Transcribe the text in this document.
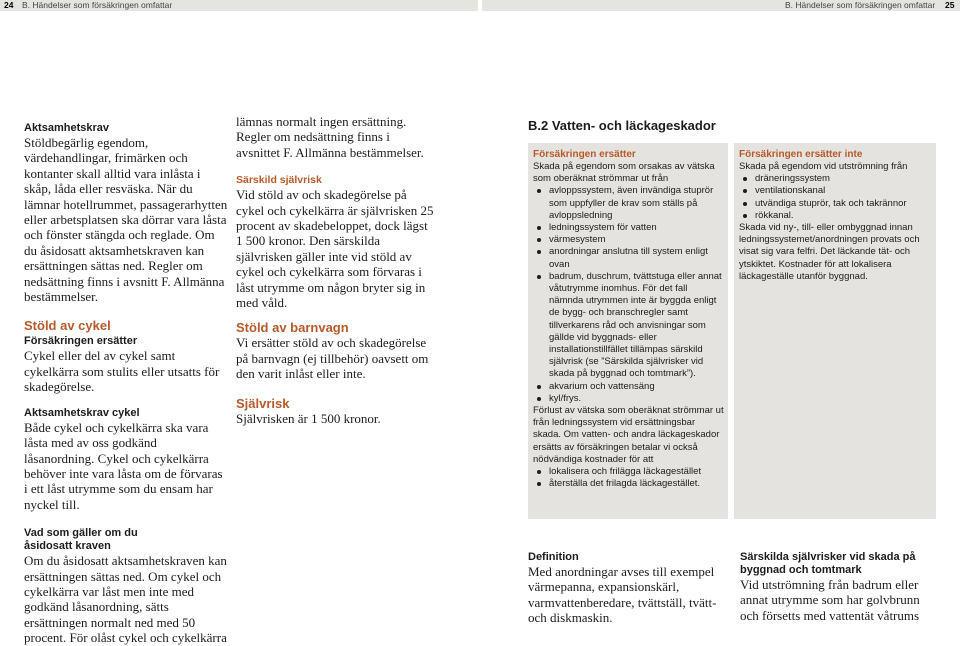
24 B. Händelser som försäkringen omfattar	B. Händelser som försäkringen omfattar 25

Aktsamhetskrav

Stöldbegärlig egendom, värdehandlingar, frimärken och kontanter skall alltid vara inlåsta i skåp, låda eller resväska. När du lämnar hotellrummet, passagerarhytten eller arbetsplatsen ska dörrar vara låsta och fönster stängda och reglade. Om du åsidosatt aktsamhetskraven kan ersättningen sättas ned. Regler om nedsättning finns i avsnitt F. Allmänna bestämmelser.

Stöld av cykel

Försäkringen ersätter

Cykel eller del av cykel samt cykelkärra som stulits eller utsatts för skadegörelse.

Aktsamhetskrav cykel

Både cykel och cykelkärra ska vara låsta med av oss godkänd låsanordning. Cykel och cykelkärra behöver inte vara låsta om de förvaras i ett låst utrymme som du ensam har nyckel till.

Vad som gäller om du åsidosatt kraven

Om du åsidosatt aktsamhetskraven kan ersättningen sättas ned. Om cykel och cykelkärra var låst men inte med godkänd låsanordning, sätts ersättningen normalt ned med 50 procent. För olåst cykel och cykelkärra

lämnas normalt ingen ersättning. Regler om nedsättning finns i avsnittet F. Allmänna bestämmelser.

Särskild självrisk

Vid stöld av och skadegörelse på cykel och cykelkärra är självrisken 25 procent av skadebeloppet, dock lägst 1 500 kronor. Den särskilda självrisken gäller inte vid stöld av cykel och cykelkärra som förvaras i låst utrymme om någon bryter sig in med våld.

Stöld av barnvagn

Vi ersätter stöld av och skadegörelse på barnvagn (ej tillbehör) oavsett om den varit inlåst eller inte.

Självrisk

Självrisken är 1 500 kronor.

B.2 Vatten- och läckageskador

Försäkringen ersätter

Skada på egendom som orsakas av vätska som oberäknat strömmar ut från

avloppssystem, även invändiga stuprör som uppfyller de krav som ställs på avloppsledning
ledningssystem för vatten
värmesystem
anordningar anslutna till system enligt ovan
badrum, duschrum, tvättstuga eller annat våtutrymme inomhus. För det fall nämnda utrymmen inte är byggda enligt de bygg- och branschregler samt tillverkarens råd och anvisningar som gällde vid byggnads- eller installationstillfället tillämpas särskild självrisk (se ”Särskilda självrisker vid skada på byggnad och tomtmark”).
akvarium och vattensäng
kyl/frys.

Förlust av vätska som oberäknat strömmar ut från ledningssystem vid ersättningsbar skada. Om vatten- och andra läckageskador ersätts av försäkringen betalar vi också nödvändiga kostnader för att

lokalisera och frilägga läckagestället
återställa det frilagda läckagestället.

Försäkringen ersätter inte

Skada på egendom vid utströmning från

dräneringssystem
ventilationskanal
utvändiga stuprör, tak och takrännor
rökkanal.

Skada vid ny-, till- eller ombyggnad innan ledningssystemet/anordningen provats och visat sig vara felfri. Det läckande tät- och ytskiktet. Kostnader för att lokalisera läckageställe utanför byggnad.

Definition

Med anordningar avses till exempel värmepanna, expansionskärl, varmvattenberedare, tvättställ, tvätt- och diskmaskin.

Särskilda självrisker vid skada på byggnad och tomtmark

Vid utströmning från badrum eller annat utrymme som har golvbrunn och försetts med vattentät våtrums
